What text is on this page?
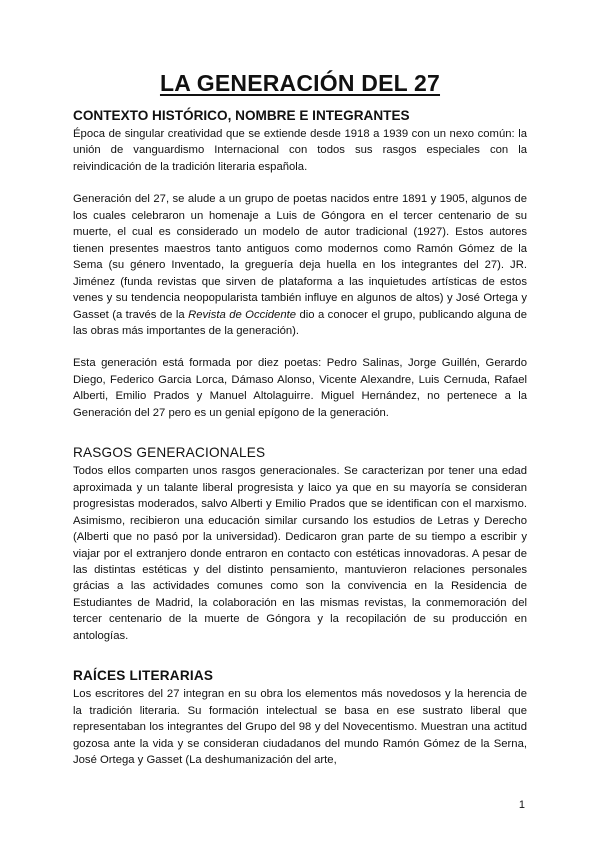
LA GENERACIÓN DEL 27
CONTEXTO HISTÓRICO, NOMBRE E INTEGRANTES

Época de singular creatividad que se extiende desde 1918 a 1939 con un nexo común: la unión de vanguardismo Internacional con todos sus rasgos especiales con la reivindicación de la tradición literaria española.

Generación del 27, se alude a un grupo de poetas nacidos entre 1891 y 1905, algunos de los cuales celebraron un homenaje a Luis de Góngora en el tercer centenario de su muerte, el cual es considerado un modelo de autor tradicional (1927). Estos autores tienen presentes maestros tanto antiguos como modernos como Ramón Gómez de la Sema (su género Inventado, la greguería deja huella en los integrantes del 27). JR. Jiménez (funda revistas que sirven de plataforma a las inquietudes artísticas de estos venes y su tendencia neopopularista también influye en algunos de altos) y José Ortega y Gasset (a través de la Revista de Occidente dio a conocer el grupo, publicando alguna de las obras más importantes de la generación).

Esta generación está formada por diez poetas: Pedro Salinas, Jorge Guillén, Gerardo Diego, Federico Garcia Lorca, Dámaso Alonso, Vicente Alexandre, Luis Cernuda, Rafael Alberti, Emilio Prados y Manuel Altolaguirre. Miguel Hernández, no pertenece a la Generación del 27 pero es un genial epígono de la generación.

RASGOS GENERACIONALES

Todos ellos comparten unos rasgos generacionales. Se caracterizan por tener una edad aproximada y un talante liberal progresista y laico ya que en su mayoría se consideran progresistas moderados, salvo Alberti y Emilio Prados que se identifican con el marxismo. Asimismo, recibieron una educación similar cursando los estudios de Letras y Derecho (Alberti que no pasó por la universidad). Dedicaron gran parte de su tiempo a escribir y viajar por el extranjero donde entraron en contacto con estéticas innovadoras. A pesar de las distintas estéticas y del distinto pensamiento, mantuvieron relaciones personales grácias a las actividades comunes como son la convivencia en la Residencia de Estudiantes de Madrid, la colaboración en las mismas revistas, la conmemoración del tercer centenario de la muerte de Góngora y la recopilación de su producción en antologías.

RAÍCES LITERARIAS

Los escritores del 27 integran en su obra los elementos más novedosos y la herencia de la tradición literaria. Su formación intelectual se basa en ese sustrato liberal que representaban los integrantes del Grupo del 98 y del Novecentismo. Muestran una actitud gozosa ante la vida y se consideran ciudadanos del mundo Ramón Gómez de la Serna, José Ortega y Gasset (La deshumanización del arte,

1
